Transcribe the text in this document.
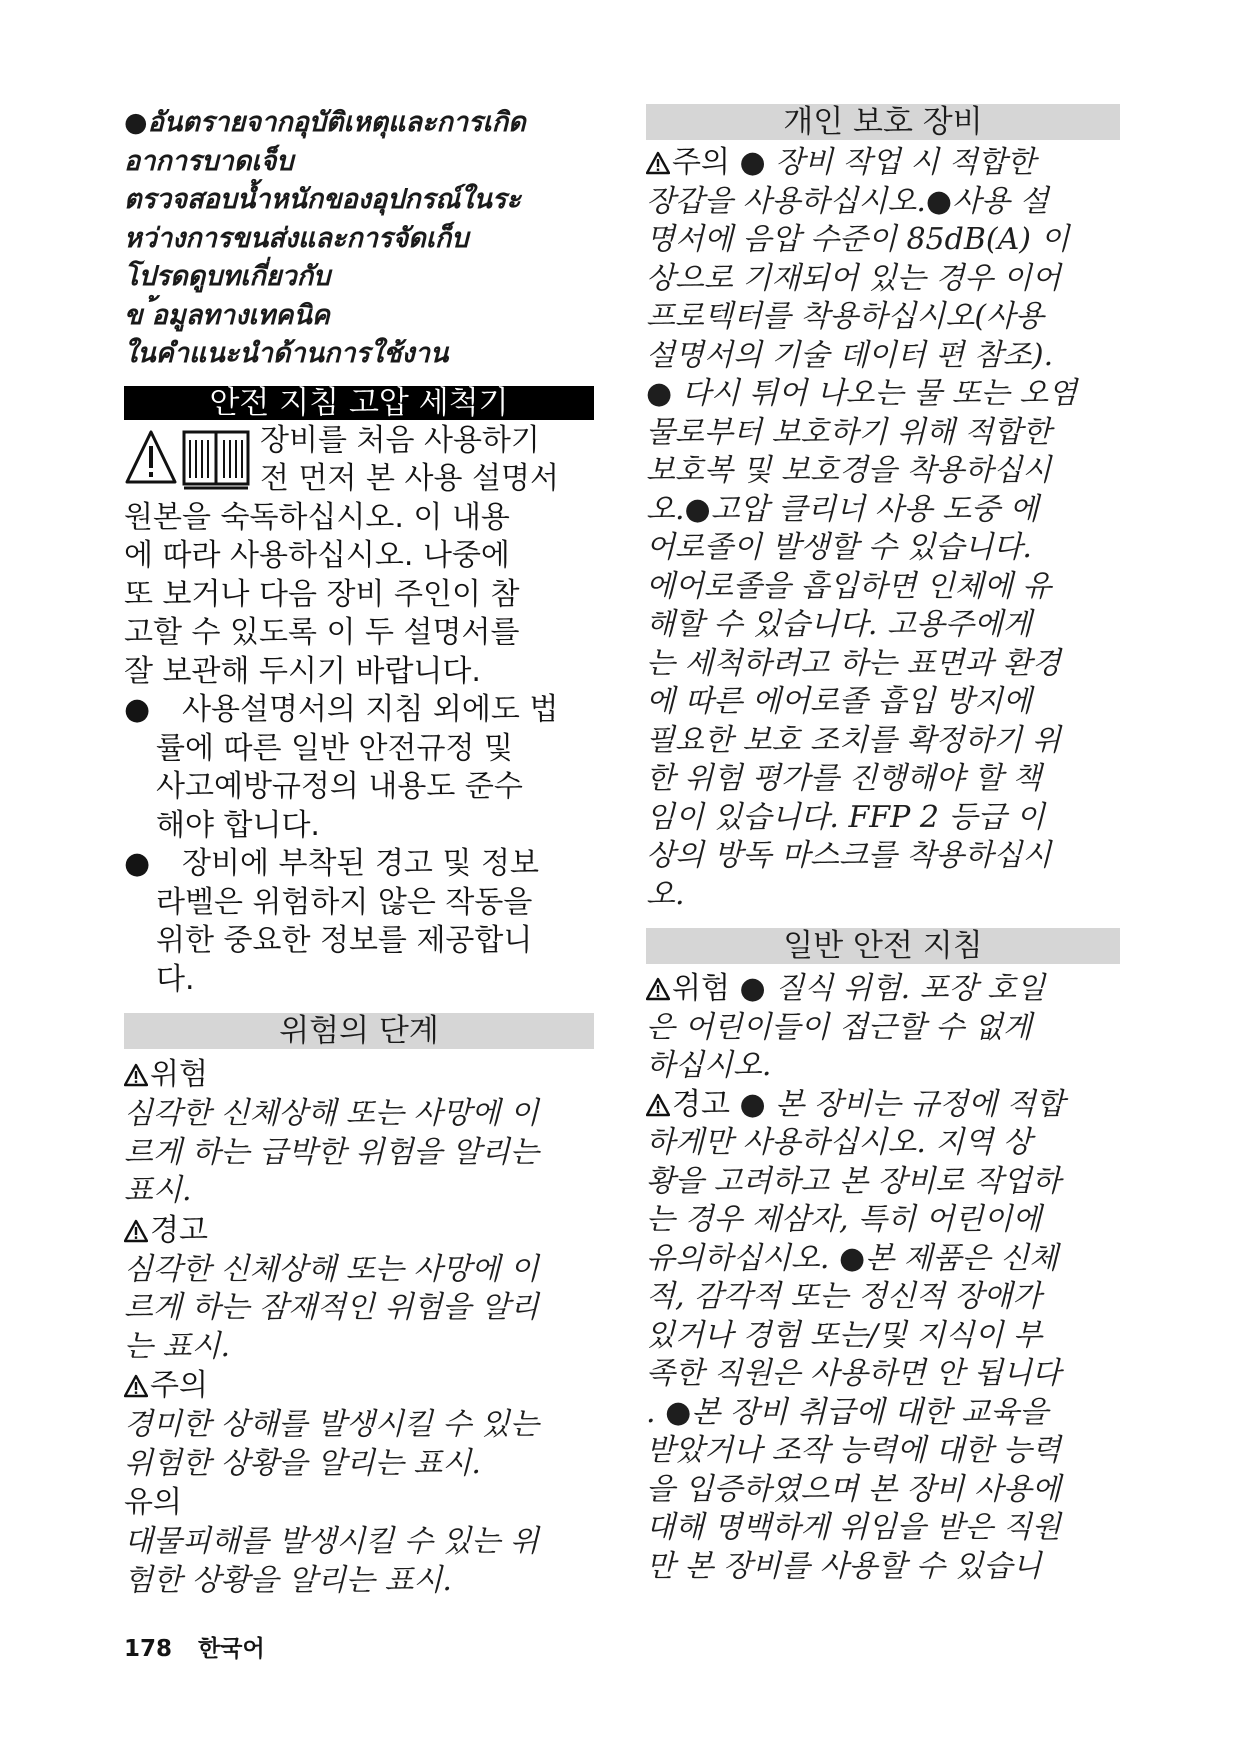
●อันตรายจากอุบัติเหตุและการเกิด
อาการบาดเจ็บ
ตรวจสอบน้ำหนักของอุปกรณ์ในระ
หว่างการขนส่งและการจัดเก็บ
โปรดดูบทเกี่ยวกับ
ข ้อมูลทางเทคนิค
ในคำแนะนำด้านการใช้งาน
안전 지침 고압 세척기

장비를 처음 사용하기

전 먼저 본 사용 설명서

원본을 숙독하십시오. 이 내용

에 따라 사용하십시오. 나중에

또 보거나 다음 장비 주인이 참

고할 수 있도록 이 두 설명서를

잘 보관해 두시기 바랍니다.

● 사용설명서의 지침 외에도 법

률에 따른 일반 안전규정 및

사고예방규정의 내용도 준수

해야 합니다.

● 장비에 부착된 경고 및 정보

라벨은 위험하지 않은 작동을

위한 중요한 정보를 제공합니

다.

위험의 단계

위험

심각한 신체상해 또는 사망에 이

르게 하는 급박한 위험을 알리는

표시.

경고

심각한 신체상해 또는 사망에 이

르게 하는 잠재적인 위험을 알리

는 표시.

주의

경미한 상해를 발생시킬 수 있는

위험한 상황을 알리는 표시.

유의

대물피해를 발생시킬 수 있는 위

험한 상황을 알리는 표시.

개인 보호 장비

주의 ● 장비 작업 시 적합한

장갑을 사용하십시오.●사용 설

명서에 음압 수준이 85dB(A) 이

상으로 기재되어 있는 경우 이어

프로텍터를 착용하십시오(사용

설명서의 기술 데이터 편 참조).

● 다시 튀어 나오는 물 또는 오염

물로부터 보호하기 위해 적합한

보호복 및 보호경을 착용하십시

오.●고압 클리너 사용 도중 에

어로졸이 발생할 수 있습니다.

에어로졸을 흡입하면 인체에 유

해할 수 있습니다. 고용주에게

는 세척하려고 하는 표면과 환경

에 따른 에어로졸 흡입 방지에

필요한 보호 조치를 확정하기 위

한 위험 평가를 진행해야 할 책

임이 있습니다. FFP 2 등급 이

상의 방독 마스크를 착용하십시

오.

일반 안전 지침

위험 ● 질식 위험. 포장 호일

은 어린이들이 접근할 수 없게

하십시오.

경고 ● 본 장비는 규정에 적합

하게만 사용하십시오. 지역 상

황을 고려하고 본 장비로 작업하

는 경우 제삼자, 특히 어린이에

유의하십시오. ●본 제품은 신체

적, 감각적 또는 정신적 장애가

있거나 경험 또는/및 지식이 부

족한 직원은 사용하면 안 됩니다

. ●본 장비 취급에 대한 교육을

받았거나 조작 능력에 대한 능력

을 입증하였으며 본 장비 사용에

대해 명백하게 위임을 받은 직원

만 본 장비를 사용할 수 있습니

178 한국어
